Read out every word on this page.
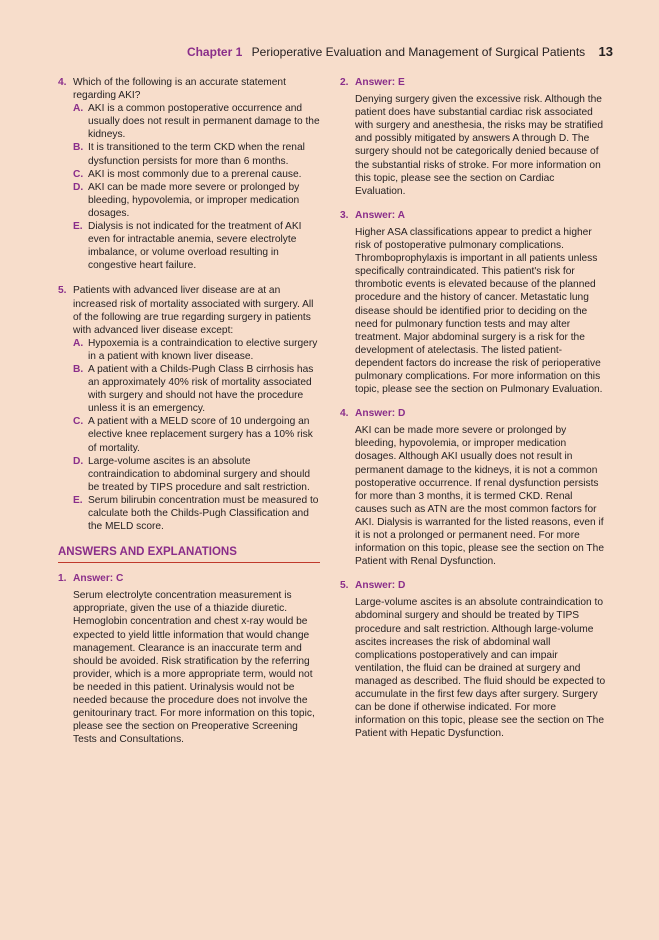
Chapter 1 Perioperative Evaluation and Management of Surgical Patients 13
4. Which of the following is an accurate statement regarding AKI?
A. AKI is a common postoperative occurrence and usually does not result in permanent damage to the kidneys.
B. It is transitioned to the term CKD when the renal dysfunction persists for more than 6 months.
C. AKI is most commonly due to a prerenal cause.
D. AKI can be made more severe or prolonged by bleeding, hypovolemia, or improper medication dosages.
E. Dialysis is not indicated for the treatment of AKI even for intractable anemia, severe electrolyte imbalance, or volume overload resulting in congestive heart failure.
5. Patients with advanced liver disease are at an increased risk of mortality associated with surgery. All of the following are true regarding surgery in patients with advanced liver disease except:
A. Hypoxemia is a contraindication to elective surgery in a patient with known liver disease.
B. A patient with a Childs-Pugh Class B cirrhosis has an approximately 40% risk of mortality associated with surgery and should not have the procedure unless it is an emergency.
C. A patient with a MELD score of 10 undergoing an elective knee replacement surgery has a 10% risk of mortality.
D. Large-volume ascites is an absolute contraindication to abdominal surgery and should be treated by TIPS procedure and salt restriction.
E. Serum bilirubin concentration must be measured to calculate both the Childs-Pugh Classification and the MELD score.
ANSWERS AND EXPLANATIONS
1. Answer: C

Serum electrolyte concentration measurement is appropriate, given the use of a thiazide diuretic. Hemoglobin concentration and chest x-ray would be expected to yield little information that would change management. Clearance is an inaccurate term and should be avoided. Risk stratification by the referring provider, which is a more appropriate term, would not be needed in this patient. Urinalysis would not be needed because the procedure does not involve the genitourinary tract. For more information on this topic, please see the section on Preoperative Screening Tests and Consultations.

2. Answer: E

Denying surgery given the excessive risk. Although the patient does have substantial cardiac risk associated with surgery and anesthesia, the risks may be stratified and possibly mitigated by answers A through D. The surgery should not be categorically denied because of the substantial risks of stroke. For more information on this topic, please see the section on Cardiac Evaluation.

3. Answer: A

Higher ASA classifications appear to predict a higher risk of postoperative pulmonary complications. Thromboprophylaxis is important in all patients unless specifically contraindicated. This patient's risk for thrombotic events is elevated because of the planned procedure and the history of cancer. Metastatic lung disease should be identified prior to deciding on the need for pulmonary function tests and may alter treatment. Major abdominal surgery is a risk for the development of atelectasis. The listed patient-dependent factors do increase the risk of perioperative pulmonary complications. For more information on this topic, please see the section on Pulmonary Evaluation.

4. Answer: D

AKI can be made more severe or prolonged by bleeding, hypovolemia, or improper medication dosages. Although AKI usually does not result in permanent damage to the kidneys, it is not a common postoperative occurrence. If renal dysfunction persists for more than 3 months, it is termed CKD. Renal causes such as ATN are the most common factors for AKI. Dialysis is warranted for the listed reasons, even if it is not a prolonged or permanent need. For more information on this topic, please see the section on The Patient with Renal Dysfunction.

5. Answer: D

Large-volume ascites is an absolute contraindication to abdominal surgery and should be treated by TIPS procedure and salt restriction. Although large-volume ascites increases the risk of abdominal wall complications postoperatively and can impair ventilation, the fluid can be drained at surgery and managed as described. The fluid should be expected to accumulate in the first few days after surgery. Surgery can be done if otherwise indicated. For more information on this topic, please see the section on The Patient with Hepatic Dysfunction.
